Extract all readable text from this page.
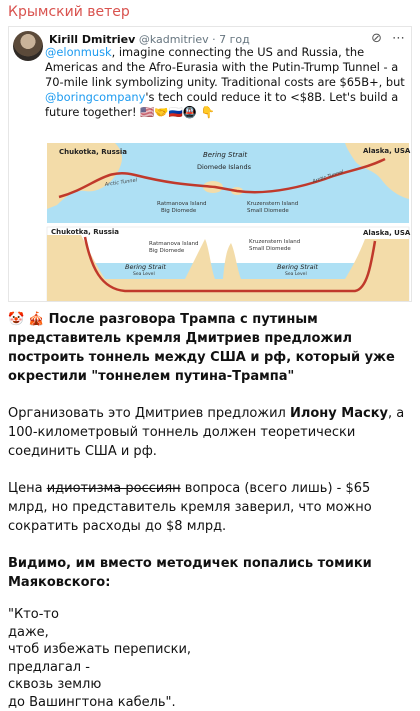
Крымский ветер
Kirill Dmitriev @kadmitriev · 7 год	⊘ ⋯
@elonmusk, imagine connecting the US and Russia, the Americas and the Afro-Eurasia with the Putin-Trump Tunnel - a 70-mile link symbolizing unity. Traditional costs are $65B+, but @boringcompany's tech could reduce it to <$8B. Let's build a future together! 🇺🇸🤝🇷🇺🚇 👇
Chukotka, Russia	Alaska, USA
Bering Strait
Diomede Islands
Ratmanova Island
Big Diomede
Kruzenstern Island
Small Diomede
Arctic Tunnel	Arctic Tunnel
Chukotka, Russia	Alaska, USA
Ratmanova Island
Big Diomede
Kruzenstern Island
Small Diomede
Bering Strait
Sea Level
Bering Strait
Sea Level

🤡 🎪 После разговора Трампа с путиным представитель кремля Дмитриев предложил построить тоннель между США и рф, который уже окрестили "тоннелем путина-Трампа"

Организовать это Дмитриев предложил Илону Маску, а 100-километровый тоннель должен теоретически соединить США и рф.

Цена идиотизма россиян вопроса (всего лишь) - $65 млрд, но представитель кремля заверил, что можно сократить расходы до $8 млрд.

Видимо, им вместо методичек попались томики Маяковского:

"Кто-то
даже,
чтоб избежать переписки,
предлагал -
сквозь землю
до Вашингтона кабель".
